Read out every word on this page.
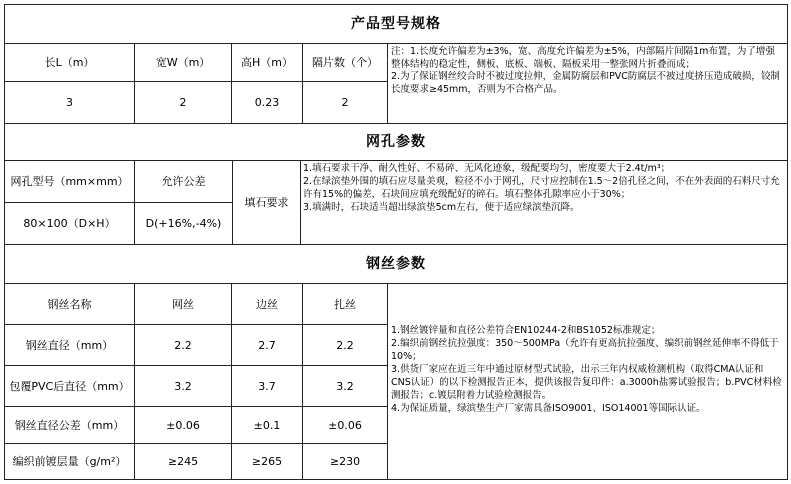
产品型号规格
长L（m）	宽W（m）	高H（m）	隔片数（个）
3	2	0.23	2

注：1.长度允许偏差为±3%，宽、高度允许偏差为±5%，内部隔片间隔1m布置，为了增强整体结构的稳定性，侧板、底板、端板、隔板采用一整张网片折叠而成；

2.为了保证钢丝绞合时不被过度拉伸，金属防腐层和PVC防腐层不被过度挤压造成破损，铰制长度要求≥45mm，否则为不合格产品。

网孔参数
网孔型号（mm×mm）	允许公差
80×100（D×H）	D(+16%,-4%)
填石要求

1.填石要求干净、耐久性好、不易碎、无风化迹象，级配要均匀，密度要大于2.4t/m³；

2.在绿滨垫外围的填石应尽量美观，粒径不小于网孔，尺寸应控制在1.5～2倍孔径之间，不在外表面的石料尺寸允许有15%的偏差，石块间应填充级配好的碎石。填石整体孔隙率应小于30%；

3.填满时，石块适当超出绿滨垫5cm左右，便于适应绿滨垫沉降。

钢丝参数
钢丝名称	网丝	边丝	扎丝
钢丝直径（mm）	2.2	2.7	2.2
包覆PVC后直径（mm）	3.2	3.7	3.2
钢丝直径公差（mm）	±0.06	±0.1	±0.06
编织前镀层量（g/m²）	≥245	≥265	≥230

1.钢丝镀锌量和直径公差符合EN10244-2和BS1052标准规定；

2.编织前钢丝抗拉强度：350～500MPa（允许有更高抗拉强度、编织前钢丝延伸率不得低于10%；

3.供货厂家应在近三年中通过原材型式试验，出示三年内权威检测机构（取得CMA认证和CNS认证）的以下检测报告正本，提供该报告复印件：a.3000h盐雾试验报告；b.PVC材料检测报告；c.镀层附着力试验检测报告。

4.为保证质量，绿滨垫生产厂家需具备ISO9001、ISO14001等国际认证。
